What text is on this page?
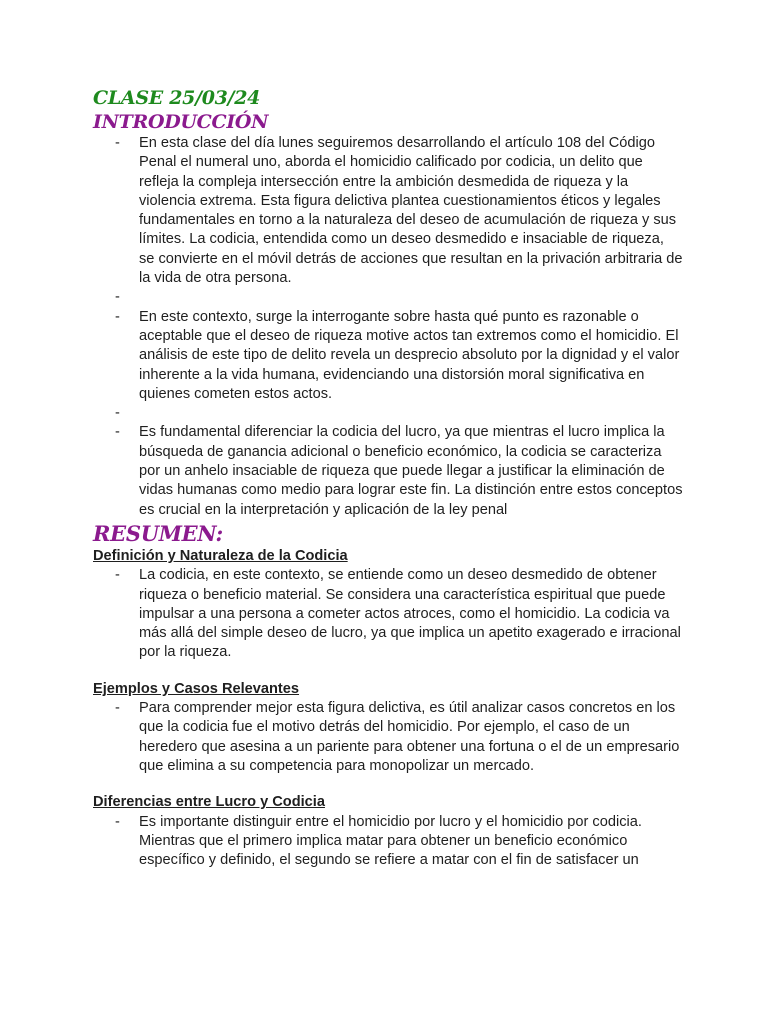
CLASE 25/03/24
INTRODUCCIÓN
- En esta clase del día lunes seguiremos desarrollando el artículo 108 del Código Penal el numeral uno, aborda el homicidio calificado por codicia, un delito que refleja la compleja intersección entre la ambición desmedida de riqueza y la violencia extrema. Esta figura delictiva plantea cuestionamientos éticos y legales fundamentales en torno a la naturaleza del deseo de acumulación de riqueza y sus límites. La codicia, entendida como un deseo desmedido e insaciable de riqueza, se convierte en el móvil detrás de acciones que resultan en la privación arbitraria de la vida de otra persona.
-
- En este contexto, surge la interrogante sobre hasta qué punto es razonable o aceptable que el deseo de riqueza motive actos tan extremos como el homicidio. El análisis de este tipo de delito revela un desprecio absoluto por la dignidad y el valor inherente a la vida humana, evidenciando una distorsión moral significativa en quienes cometen estos actos.
-
- Es fundamental diferenciar la codicia del lucro, ya que mientras el lucro implica la búsqueda de ganancia adicional o beneficio económico, la codicia se caracteriza por un anhelo insaciable de riqueza que puede llegar a justificar la eliminación de vidas humanas como medio para lograr este fin. La distinción entre estos conceptos es crucial en la interpretación y aplicación de la ley penal
RESUMEN:
Definición y Naturaleza de la Codicia
- La codicia, en este contexto, se entiende como un deseo desmedido de obtener riqueza o beneficio material. Se considera una característica espiritual que puede impulsar a una persona a cometer actos atroces, como el homicidio. La codicia va más allá del simple deseo de lucro, ya que implica un apetito exagerado e irracional por la riqueza.
Ejemplos y Casos Relevantes
- Para comprender mejor esta figura delictiva, es útil analizar casos concretos en los que la codicia fue el motivo detrás del homicidio. Por ejemplo, el caso de un heredero que asesina a un pariente para obtener una fortuna o el de un empresario que elimina a su competencia para monopolizar un mercado.
Diferencias entre Lucro y Codicia
- Es importante distinguir entre el homicidio por lucro y el homicidio por codicia. Mientras que el primero implica matar para obtener un beneficio económico específico y definido, el segundo se refiere a matar con el fin de satisfacer un
